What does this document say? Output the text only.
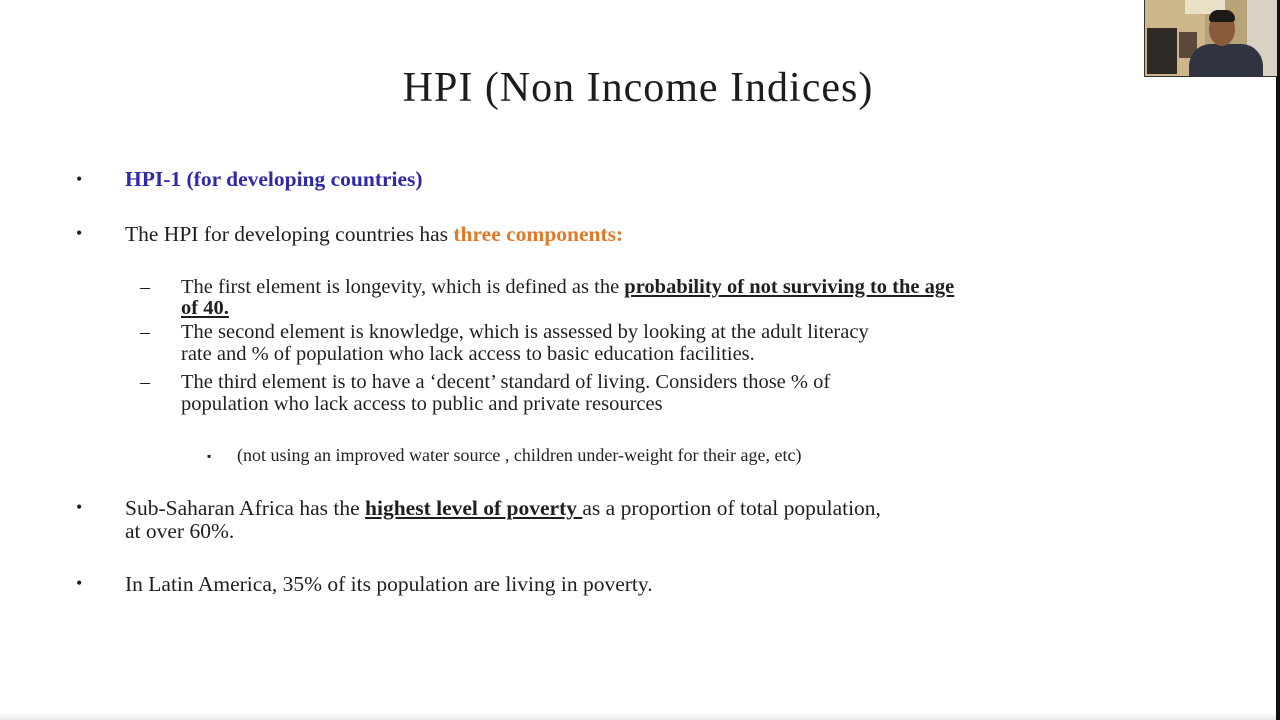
HPI (Non Income Indices)
• HPI-1 (for developing countries)
• The HPI for developing countries has three components:
– The first element is longevity, which is defined as the probability of not surviving to the age
of 40.
– The second element is knowledge, which is assessed by looking at the adult literacy
rate and % of population who lack access to basic education facilities.
– The third element is to have a ‘decent’ standard of living. Considers those % of
population who lack access to public and private resources
▪ (not using an improved water source , children under-weight for their age, etc)
• Sub-Saharan Africa has the highest level of poverty as a proportion of total population,
at over 60%.
• In Latin America, 35% of its population are living in poverty.
